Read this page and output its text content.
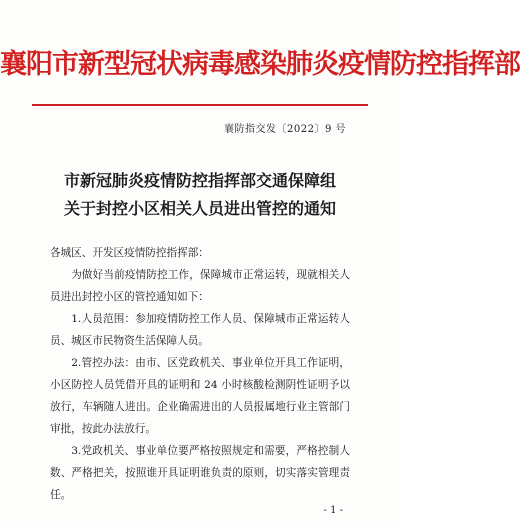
襄阳市新型冠状病毒感染肺炎疫情防控指挥部
襄防指交发〔2022〕9 号
市新冠肺炎疫情防控指挥部交通保障组
关于封控小区相关人员进出管控的通知
各城区、开发区疫情防控指挥部：

为做好当前疫情防控工作，保障城市正常运转，现就相关人员进出封控小区的管控通知如下：

1.人员范围：参加疫情防控工作人员、保障城市正常运转人员、城区市民物资生活保障人员。

2.管控办法：由市、区党政机关、事业单位开具工作证明，小区防控人员凭借开具的证明和 24 小时核酸检测阴性证明予以放行，车辆随人进出。企业确需进出的人员报属地行业主管部门审批，按此办法放行。

3.党政机关、事业单位要严格按照规定和需要，严格控制人数、严格把关，按照谁开具证明谁负责的原则，切实落实管理责任。

- 1 -
